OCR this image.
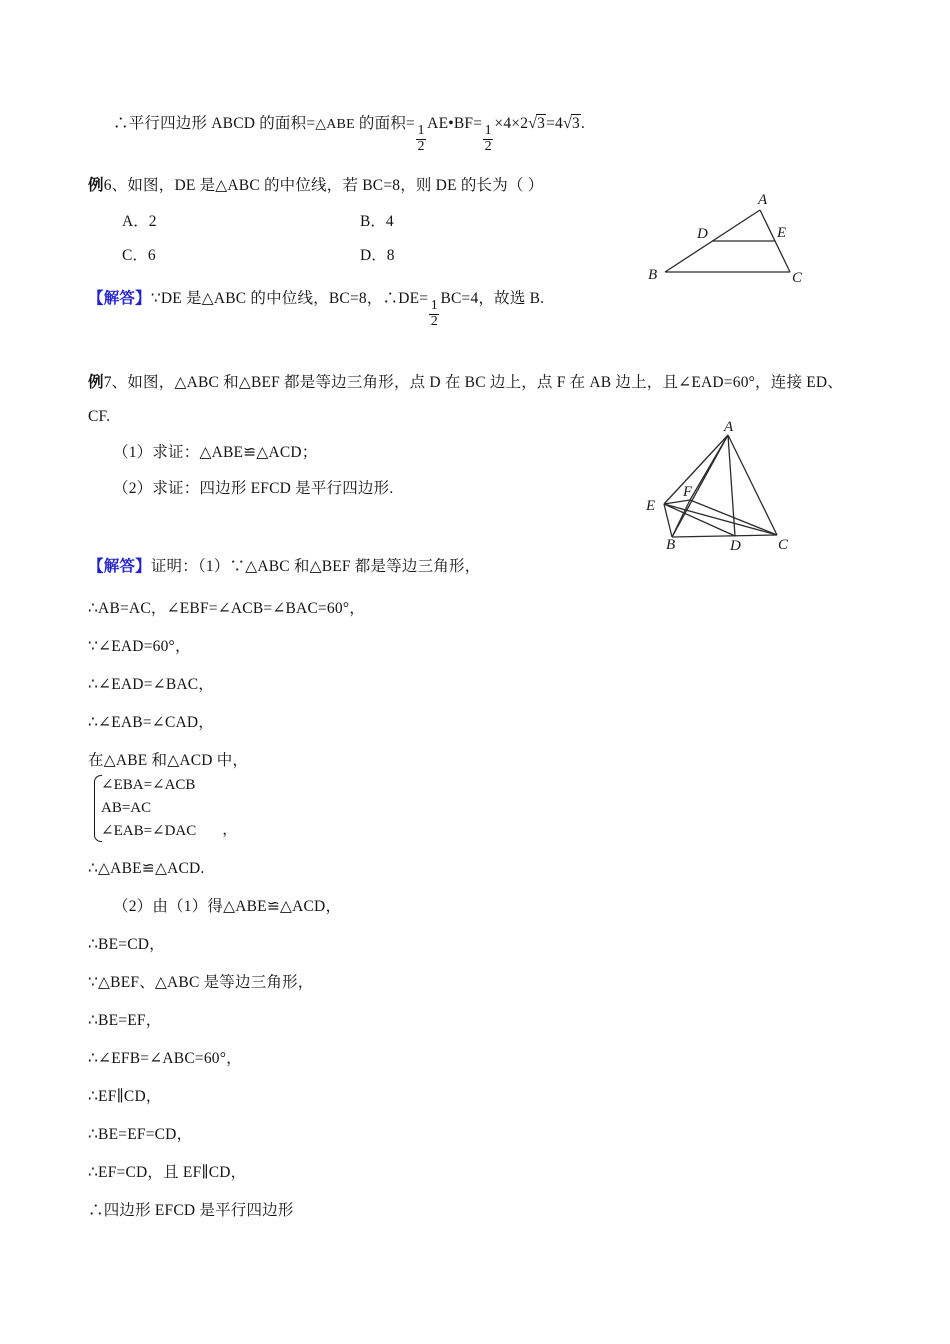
∴平行四边形 ABCD 的面积=△ABE 的面积=
$\frac{1}{2}$
AE•BF=
$\frac{1}{2}$
×4×2√3=4√3.
例6、如图，DE 是△ABC 的中位线，若 BC=8，则 DE 的长为（ ）
A．2	B．4
C．6	D．8
【解答】∵DE 是△ABC 的中位线，BC=8，∴DE=
$\frac{1}{2}$
BC=4，故选 B.
A
B	C
D	E
例7、如图，△ABC 和△BEF 都是等边三角形，点 D 在 BC 边上，点 F 在 AB 边上，且∠EAD=60°，连接 ED、
CF.
（1）求证：△ABE≌△ACD；
（2）求证：四边形 EFCD 是平行四边形.
A
B	C
D
E
F
【解答】证明：（1）∵△ABC 和△BEF 都是等边三角形，
∴AB=AC，∠EBF=∠ACB=∠BAC=60°，
∵∠EAD=60°，
∴∠EAD=∠BAC，
∴∠EAB=∠CAD，
在△ABE 和△ACD 中，
∠EBA=∠ACB
AB=AC
∠EAB=∠DAC	，
∴△ABE≌△ACD.
（2）由（1）得△ABE≌△ACD，
∴BE=CD，
∵△BEF、△ABC 是等边三角形，
∴BE=EF，
∴∠EFB=∠ABC=60°，
∴EF∥CD，
∴BE=EF=CD，
∴EF=CD，且 EF∥CD，
∴四边形 EFCD 是平行四边形
